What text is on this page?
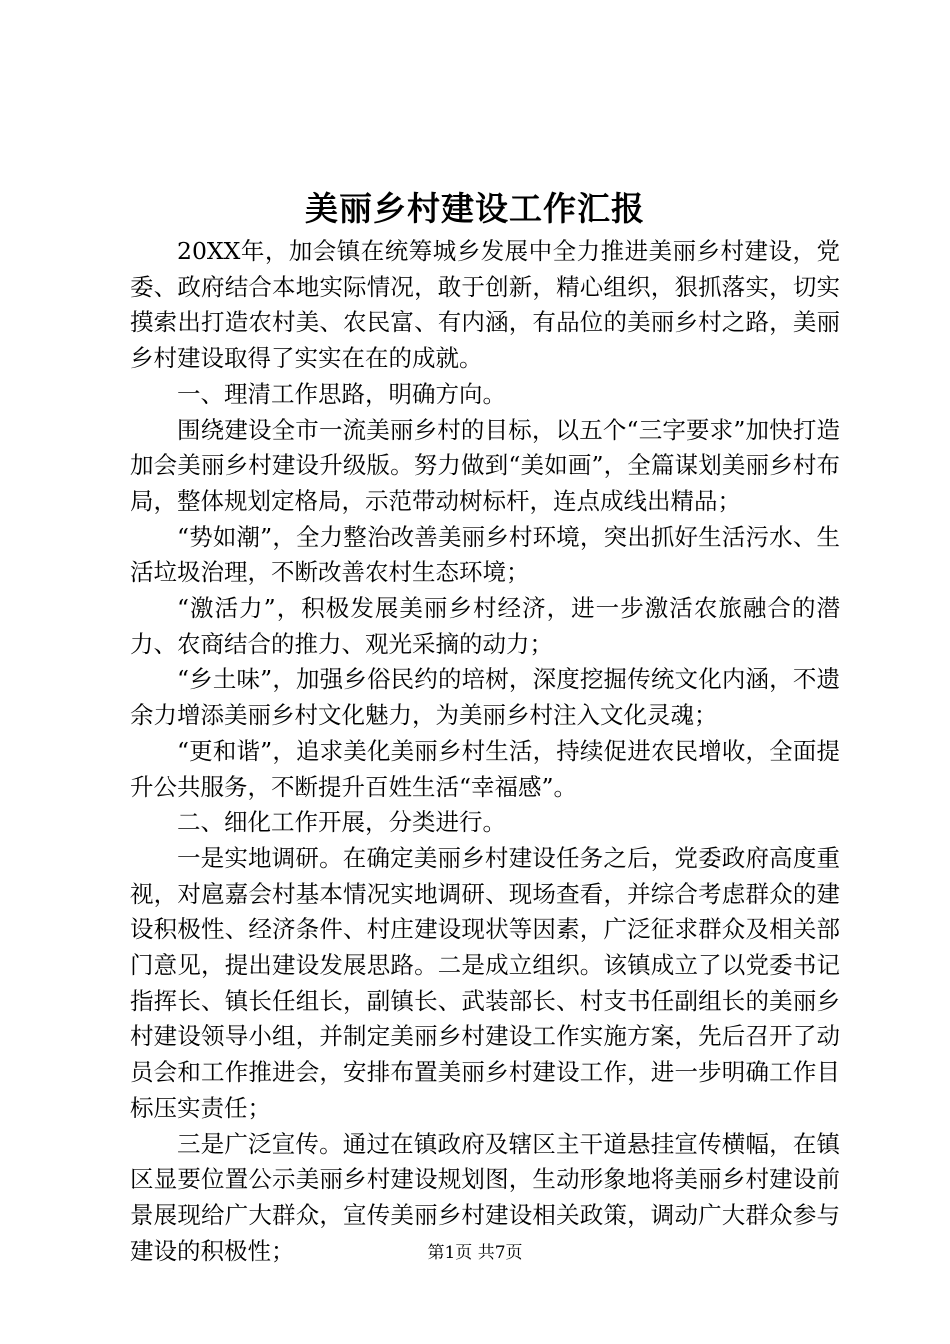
美丽乡村建设工作汇报

20XX年，加会镇在统筹城乡发展中全力推进美丽乡村建设，党委、政府结合本地实际情况，敢于创新，精心组织，狠抓落实，切实摸索出打造农村美、农民富、有内涵，有品位的美丽乡村之路，美丽乡村建设取得了实实在在的成就。

一、理清工作思路，明确方向。

围绕建设全市一流美丽乡村的目标，以五个“三字要求”加快打造加会美丽乡村建设升级版。努力做到“美如画”，全篇谋划美丽乡村布局，整体规划定格局，示范带动树标杆，连点成线出精品；

“势如潮”，全力整治改善美丽乡村环境，突出抓好生活污水、生活垃圾治理，不断改善农村生态环境；

“激活力”，积极发展美丽乡村经济，进一步激活农旅融合的潜力、农商结合的推力、观光采摘的动力；

“乡土味”，加强乡俗民约的培树，深度挖掘传统文化内涵，不遗余力增添美丽乡村文化魅力，为美丽乡村注入文化灵魂；

“更和谐”，追求美化美丽乡村生活，持续促进农民增收，全面提升公共服务，不断提升百姓生活“幸福感”。

二、细化工作开展，分类进行。

一是实地调研。在确定美丽乡村建设任务之后，党委政府高度重视，对扈嘉会村基本情况实地调研、现场查看，并综合考虑群众的建设积极性、经济条件、村庄建设现状等因素，广泛征求群众及相关部门意见，提出建设发展思路。二是成立组织。该镇成立了以党委书记指挥长、镇长任组长，副镇长、武装部长、村支书任副组长的美丽乡村建设领导小组，并制定美丽乡村建设工作实施方案，先后召开了动员会和工作推进会，安排布置美丽乡村建设工作，进一步明确工作目标压实责任；

三是广泛宣传。通过在镇政府及辖区主干道悬挂宣传横幅，在镇区显要位置公示美丽乡村建设规划图，生动形象地将美丽乡村建设前景展现给广大群众，宣传美丽乡村建设相关政策，调动广大群众参与建设的积极性；	第1页 共7页
